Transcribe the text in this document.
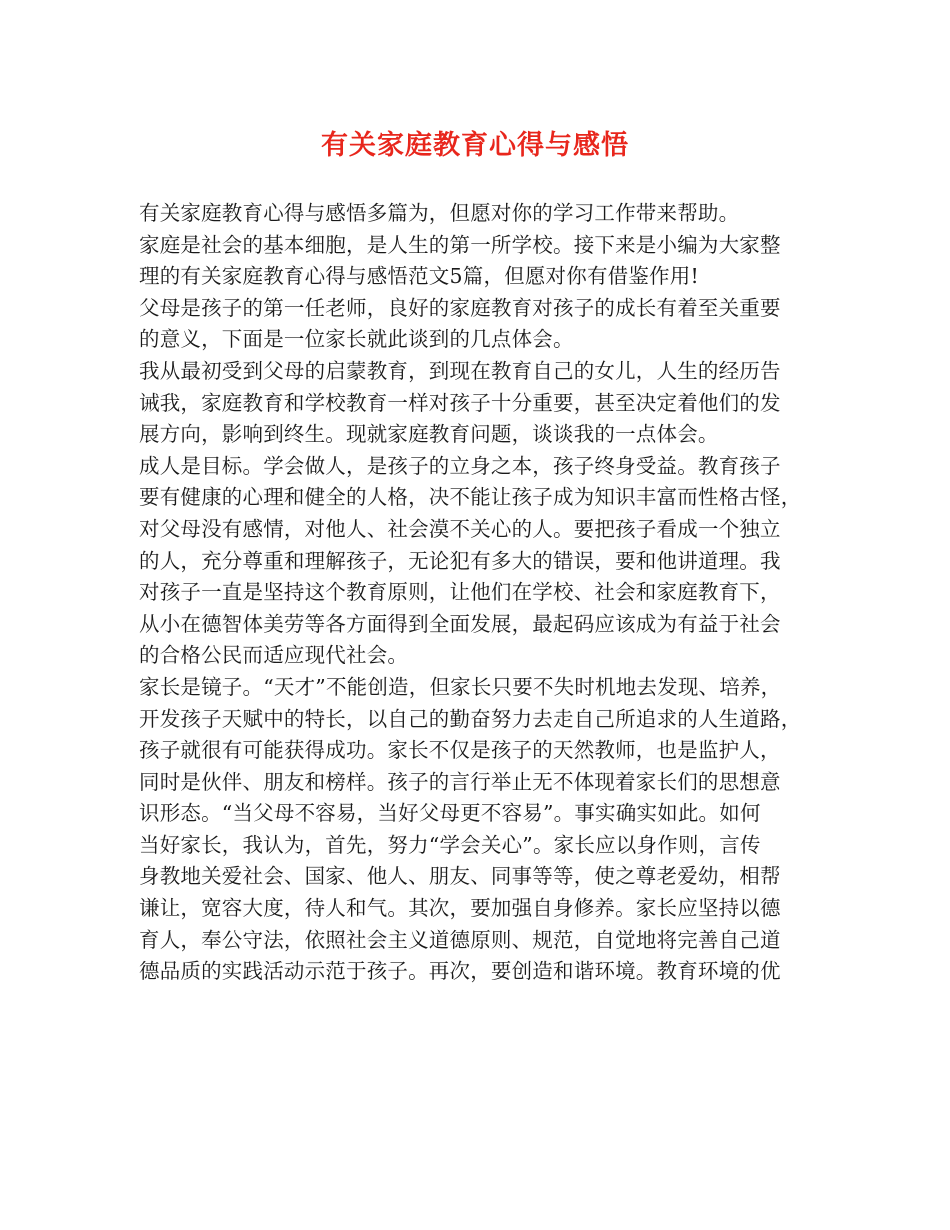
有关家庭教育心得与感悟
有关家庭教育心得与感悟多篇为，但愿对你的学习工作带来帮助。
家庭是社会的基本细胞，是人生的第一所学校。接下来是小编为大家整
理的有关家庭教育心得与感悟范文5篇，但愿对你有借鉴作用!
父母是孩子的第一任老师，良好的家庭教育对孩子的成长有着至关重要
的意义，下面是一位家长就此谈到的几点体会。
我从最初受到父母的启蒙教育，到现在教育自己的女儿，人生的经历告
诫我，家庭教育和学校教育一样对孩子十分重要，甚至决定着他们的发
展方向，影响到终生。现就家庭教育问题，谈谈我的一点体会。
成人是目标。学会做人，是孩子的立身之本，孩子终身受益。教育孩子
要有健康的心理和健全的人格，决不能让孩子成为知识丰富而性格古怪，
对父母没有感情，对他人、社会漠不关心的人。要把孩子看成一个独立
的人，充分尊重和理解孩子，无论犯有多大的错误，要和他讲道理。我
对孩子一直是坚持这个教育原则，让他们在学校、社会和家庭教育下，
从小在德智体美劳等各方面得到全面发展，最起码应该成为有益于社会
的合格公民而适应现代社会。
家长是镜子。“天才”不能创造，但家长只要不失时机地去发现、培养，
开发孩子天赋中的特长，以自己的勤奋努力去走自己所追求的人生道路，
孩子就很有可能获得成功。家长不仅是孩子的天然教师，也是监护人，
同时是伙伴、朋友和榜样。孩子的言行举止无不体现着家长们的思想意
识形态。“当父母不容易，当好父母更不容易”。事实确实如此。如何
当好家长，我认为，首先，努力“学会关心”。家长应以身作则，言传
身教地关爱社会、国家、他人、朋友、同事等等，使之尊老爱幼，相帮
谦让，宽容大度，待人和气。其次，要加强自身修养。家长应坚持以德
育人，奉公守法，依照社会主义道德原则、规范，自觉地将完善自己道
德品质的实践活动示范于孩子。再次，要创造和谐环境。教育环境的优
